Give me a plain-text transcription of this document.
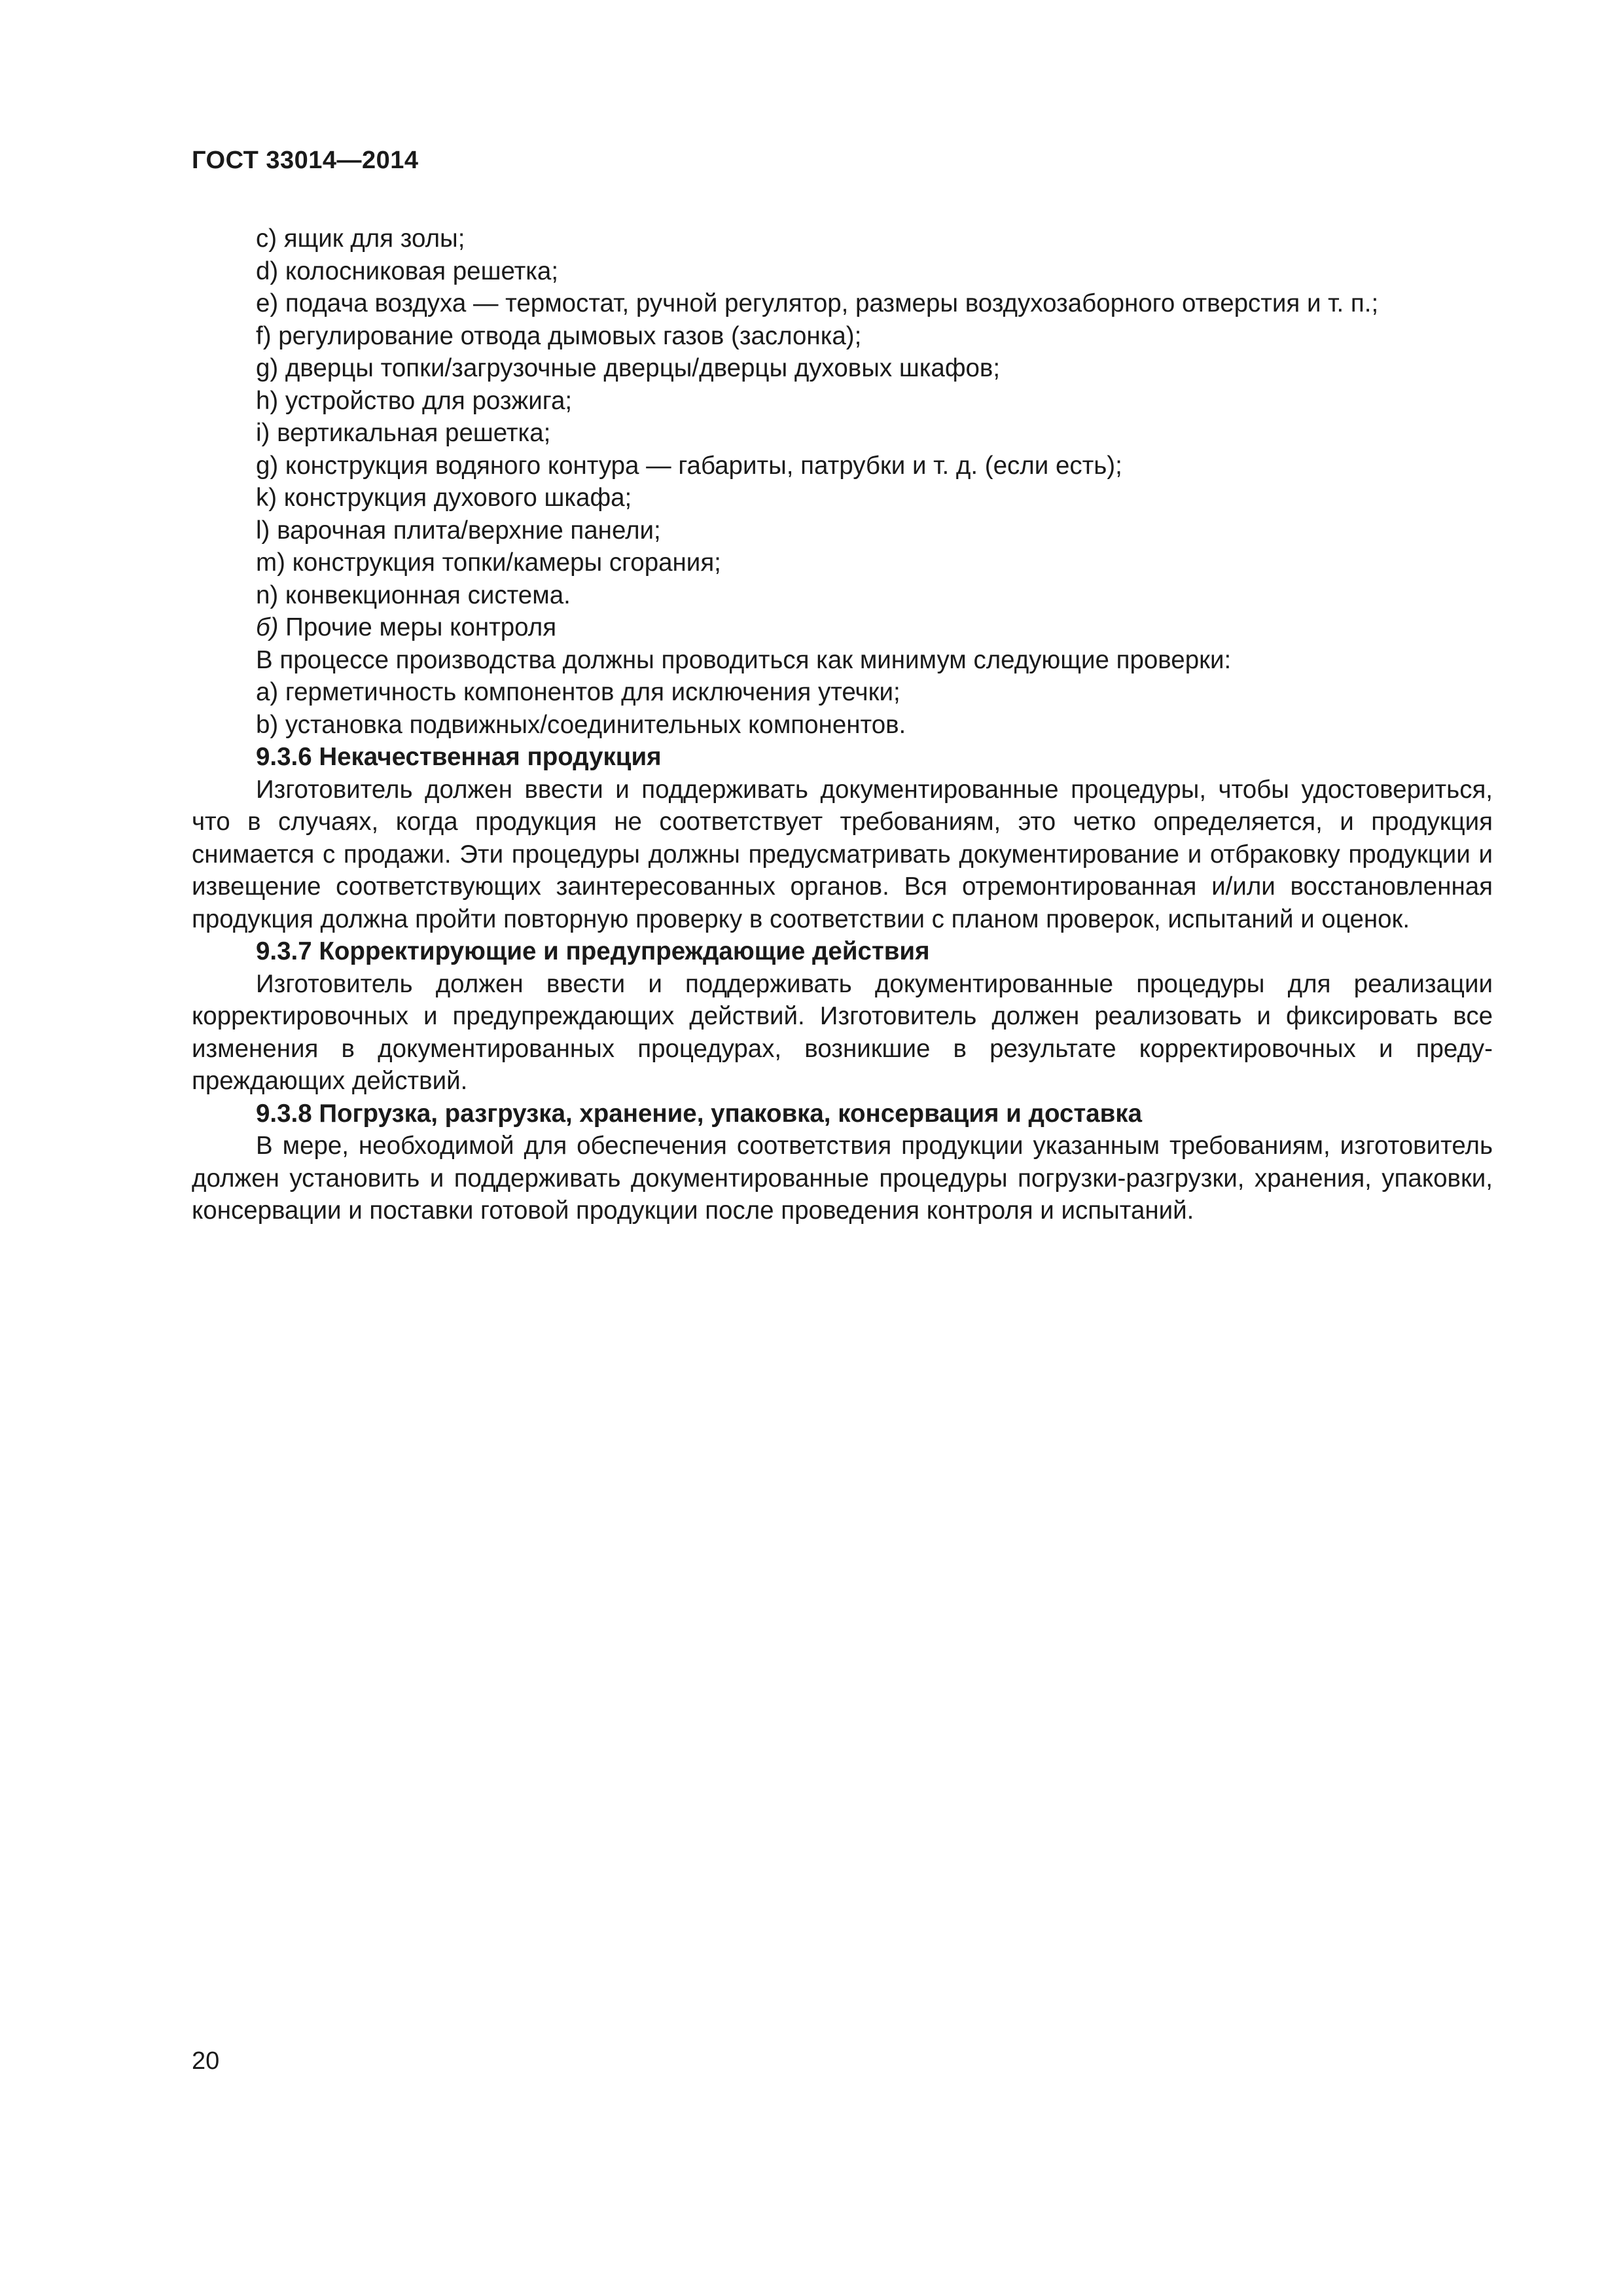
ГОСТ 33014—2014
с) ящик для золы;
d) колосниковая решетка;
е) подача воздуха — термостат, ручной регулятор, размеры воздухозаборного отверстия и т. п.;
f) регулирование отвода дымовых газов (заслонка);
g) дверцы топки/загрузочные дверцы/дверцы духовых шкафов;
h) устройство для розжига;
i) вертикальная решетка;
g) конструкция водяного контура — габариты, патрубки и т. д. (если есть);
k) конструкция духового шкафа;
l) варочная плита/верхние панели;
m) конструкция топки/камеры сгорания;
n) конвекционная система.
б) Прочие меры контроля
В процессе производства должны проводиться как минимум следующие проверки:
a) герметичность компонентов для исключения утечки;
b) установка подвижных/соединительных компонентов.
9.3.6 Некачественная продукция

Изготовитель должен ввести и поддерживать документированные процедуры, чтобы удостовериться, что в случаях, когда продукция не соответствует требованиям, это четко определяется, и продукция снимается с продажи. Эти процедуры должны предусматривать документирование и отбраковку продукции и извещение соответствующих заинтересованных органов. Вся отремонтированная и/или восстановленная продукция должна пройти повторную проверку в соответствии с планом проверок, испытаний и оценок.

9.3.7 Корректирующие и предупреждающие действия

Изготовитель должен ввести и поддерживать документированные процедуры для реализации корректировочных и предупреждающих действий. Изготовитель должен реализовать и фиксировать все изменения в документированных процедурах, возникшие в результате корректировочных и предупреждающих действий.

9.3.8 Погрузка, разгрузка, хранение, упаковка, консервация и доставка

В мере, необходимой для обеспечения соответствия продукции указанным требованиям, изготовитель должен установить и поддерживать документированные процедуры погрузки-разгрузки, хранения, упаковки, консервации и поставки готовой продукции после проведения контроля и испытаний.

20
